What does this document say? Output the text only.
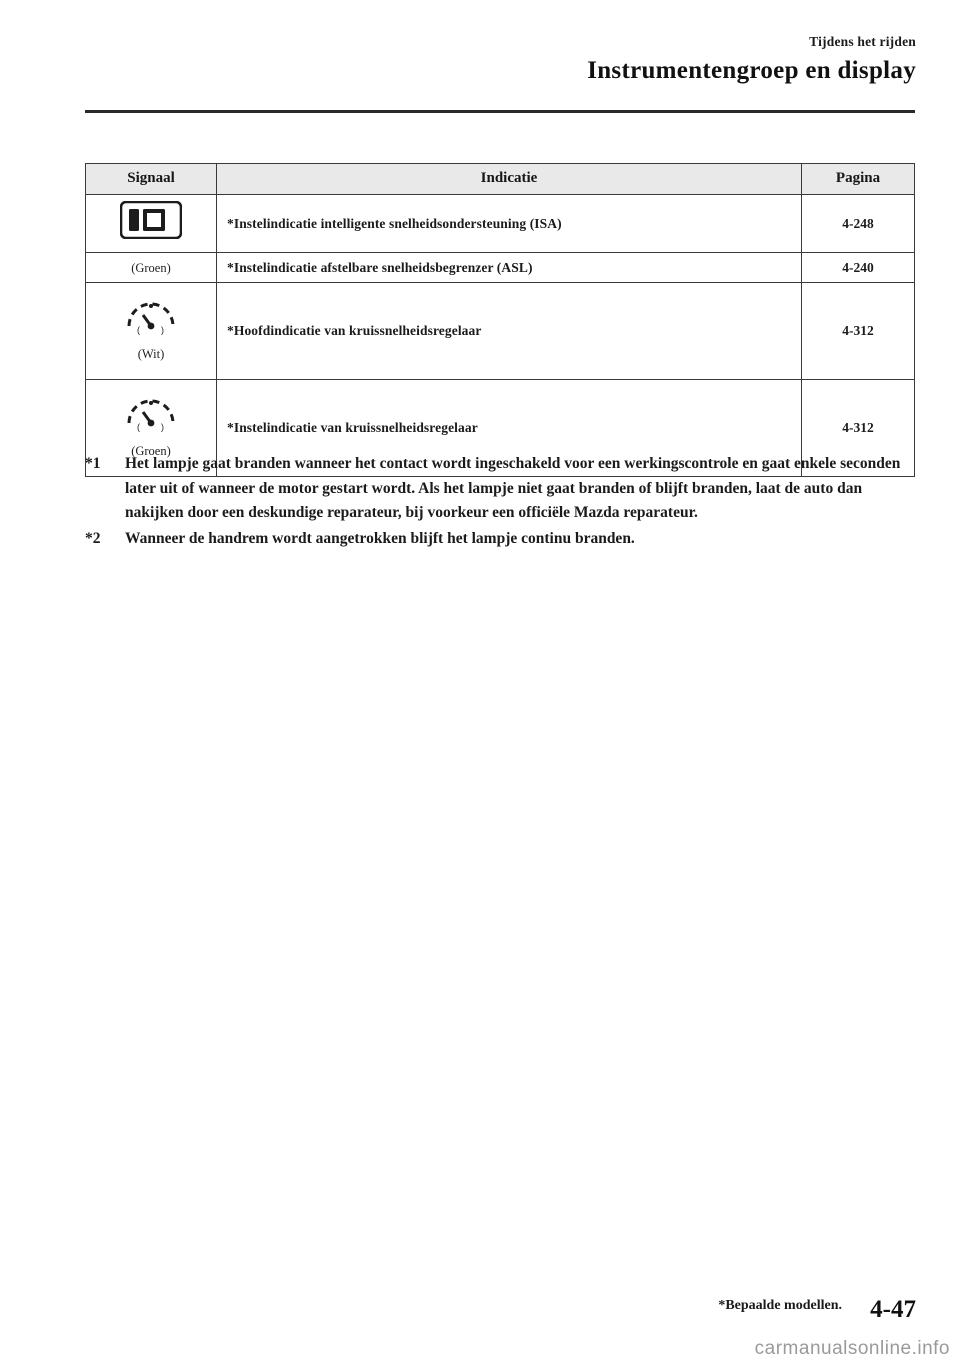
Tijdens het rijden
Instrumentengroep en display
Signaal	Indicatie	Pagina

	*Instelindicatie intelligente snelheidsondersteuning (ISA)	4-248

(Groen)	*Instelindicatie afstelbare snelheidsbegrenzer (ASL)	4-240

( )
(Wit)	*Hoofdindicatie van kruissnelheidsregelaar	4-312

( )
(Groen)	*Instelindicatie van kruissnelheidsregelaar	4-312
*1	Het lampje gaat branden wanneer het contact wordt ingeschakeld voor een werkingscontrole en gaat enkele seconden later uit of wanneer de motor gestart wordt. Als het lampje niet gaat branden of blijft branden, laat de auto dan nakijken door een deskundige reparateur, bij voorkeur een officiële Mazda reparateur.
*2	Wanneer de handrem wordt aangetrokken blijft het lampje continu branden.
*Bepaalde modellen. 4-47
carmanualsonline.info
